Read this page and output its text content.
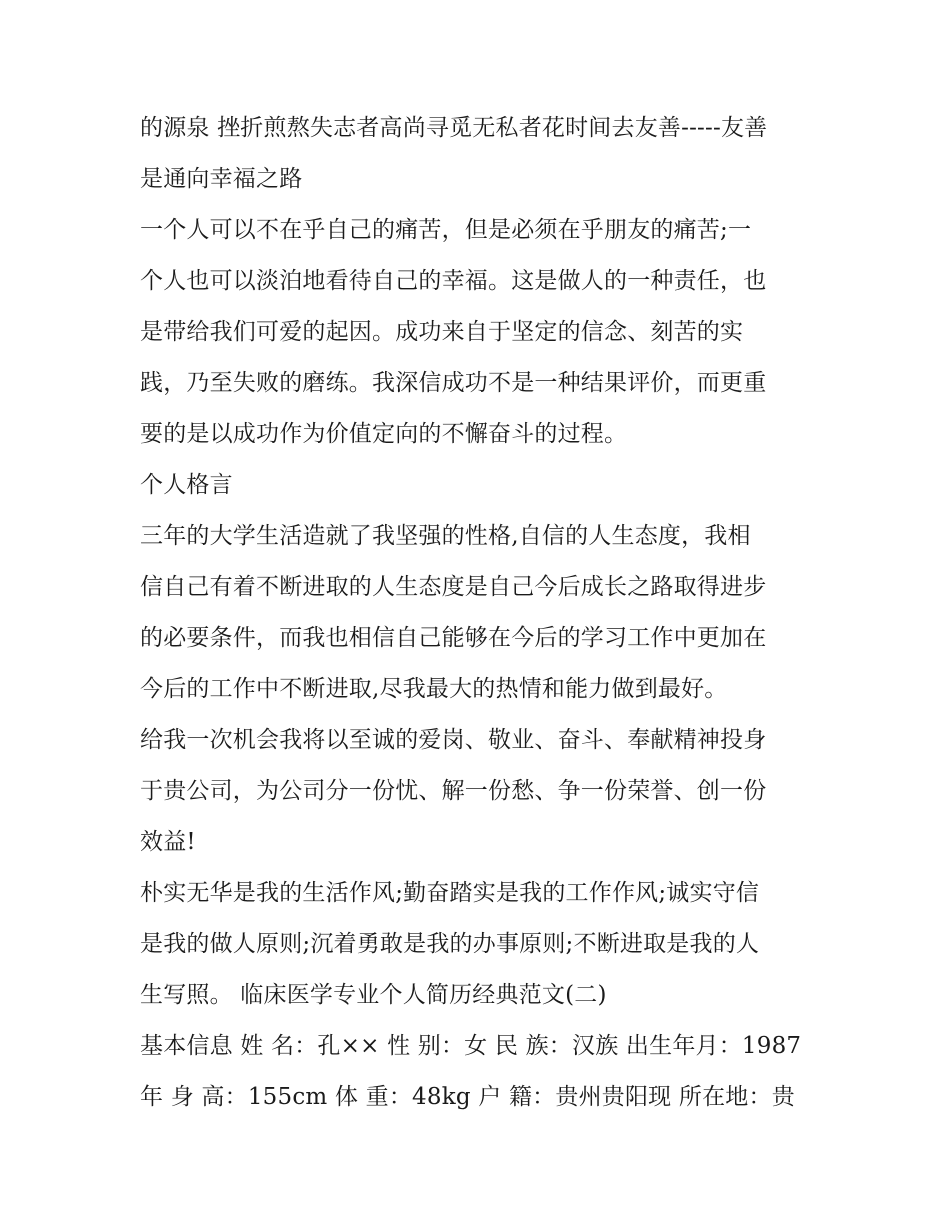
的源泉 挫折煎熬失志者高尚寻觅无私者花时间去友善-----友善
是通向幸福之路
一个人可以不在乎自己的痛苦，但是必须在乎朋友的痛苦;一
个人也可以淡泊地看待自己的幸福。这是做人的一种责任，也
是带给我们可爱的起因。成功来自于坚定的信念、刻苦的实
践，乃至失败的磨练。我深信成功不是一种结果评价，而更重
要的是以成功作为价值定向的不懈奋斗的过程。
个人格言
三年的大学生活造就了我坚强的性格,自信的人生态度，我相
信自己有着不断进取的人生态度是自己今后成长之路取得进步
的必要条件，而我也相信自己能够在今后的学习工作中更加在
今后的工作中不断进取,尽我最大的热情和能力做到最好。
给我一次机会我将以至诚的爱岗、敬业、奋斗、奉献精神投身
于贵公司，为公司分一份忧、解一份愁、争一份荣誉、创一份
效益!
朴实无华是我的生活作风;勤奋踏实是我的工作作风;诚实守信
是我的做人原则;沉着勇敢是我的办事原则;不断进取是我的人
生写照。 临床医学专业个人简历经典范文(二)
基本信息 姓 名：孔×× 性 别：女 民 族：汉族 出生年月：1987
年 身 高：155cm 体 重：48kg 户 籍：贵州贵阳现 所在地：贵
